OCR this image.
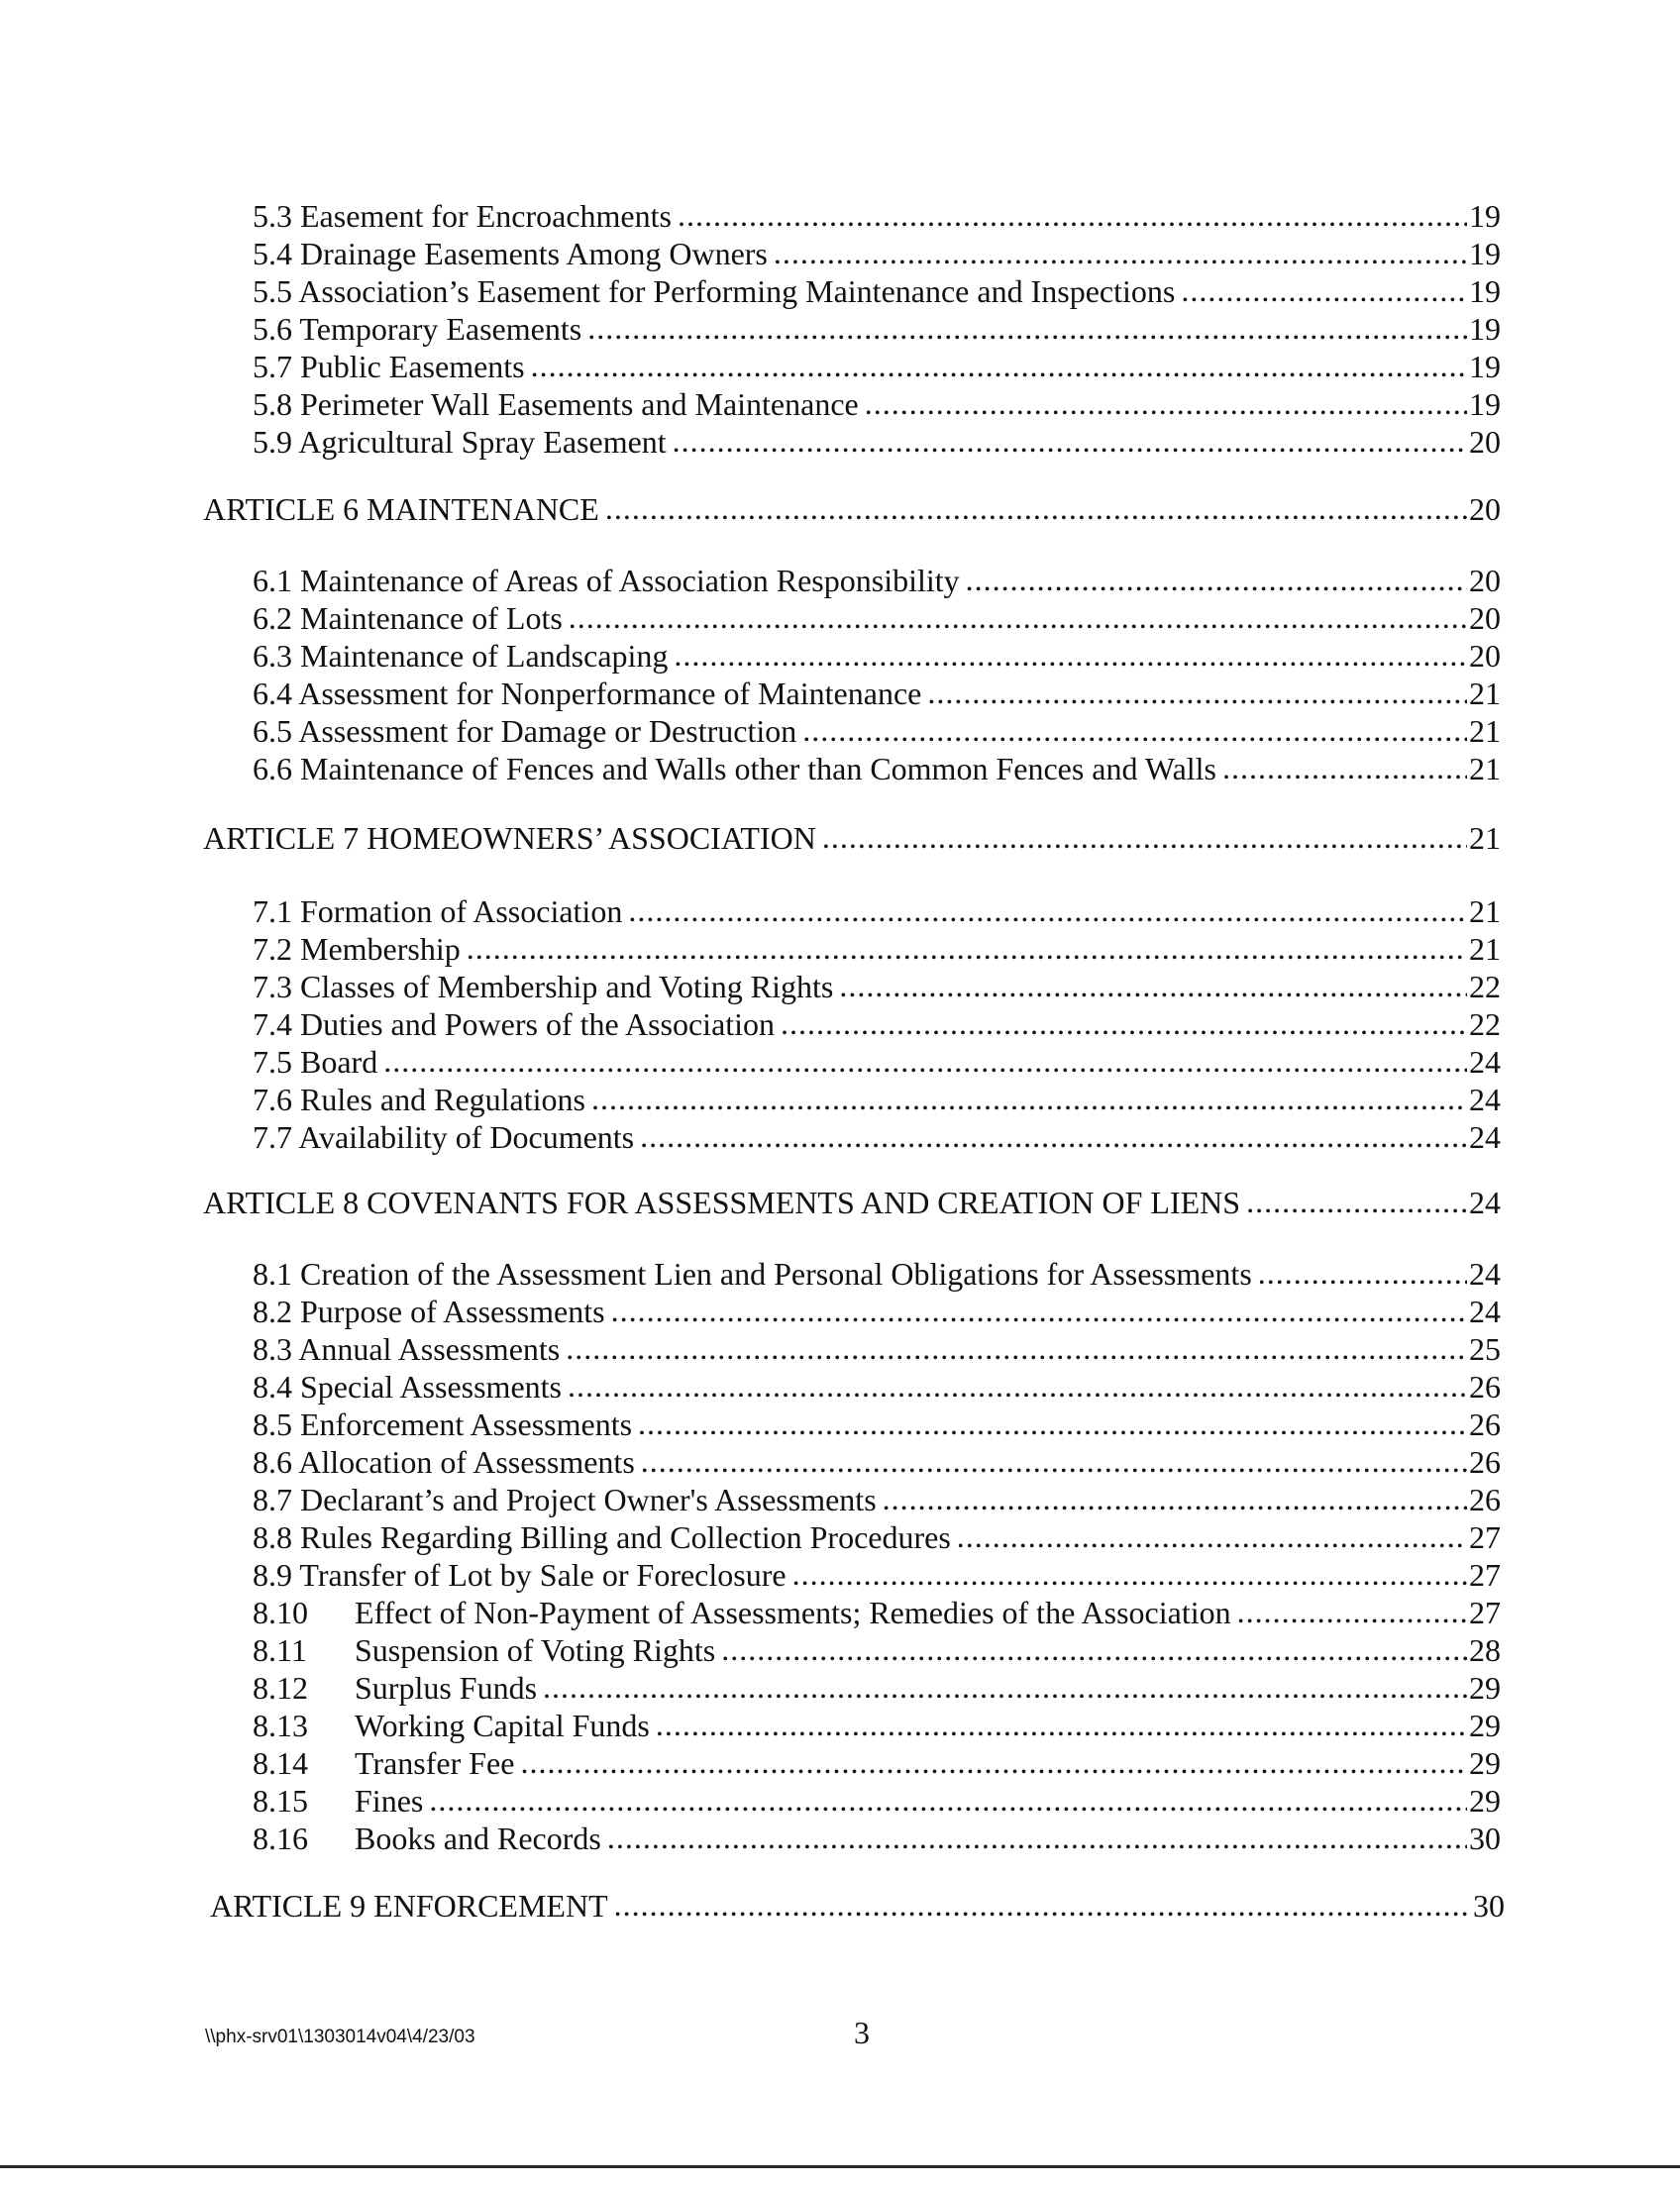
5.3 Easement for Encroachments .....	19
5.4 Drainage Easements Among Owners .....	19
5.5 Association’s Easement for Performing Maintenance and Inspections .....	19
5.6 Temporary Easements .....	19
5.7 Public Easements .....	19
5.8 Perimeter Wall Easements and Maintenance .....	19
5.9 Agricultural Spray Easement .....	20
ARTICLE 6 MAINTENANCE .....	20
6.1 Maintenance of Areas of Association Responsibility .....	20
6.2 Maintenance of Lots .....	20
6.3 Maintenance of Landscaping .....	20
6.4 Assessment for Nonperformance of Maintenance .....	21
6.5 Assessment for Damage or Destruction .....	21
6.6 Maintenance of Fences and Walls other than Common Fences and Walls .....	21
ARTICLE 7 HOMEOWNERS’ ASSOCIATION .....	21
7.1 Formation of Association .....	21
7.2 Membership .....	21
7.3 Classes of Membership and Voting Rights .....	22
7.4 Duties and Powers of the Association .....	22
7.5 Board .....	24
7.6 Rules and Regulations .....	24
7.7 Availability of Documents .....	24
ARTICLE 8 COVENANTS FOR ASSESSMENTS AND CREATION OF LIENS .....	24
8.1 Creation of the Assessment Lien and Personal Obligations for Assessments .....	24
8.2 Purpose of Assessments .....	24
8.3 Annual Assessments .....	25
8.4 Special Assessments .....	26
8.5 Enforcement Assessments .....	26
8.6 Allocation of Assessments .....	26
8.7 Declarant’s and Project Owner's Assessments .....	26
8.8 Rules Regarding Billing and Collection Procedures .....	27
8.9 Transfer of Lot by Sale or Foreclosure .....	27
8.10	Effect of Non-Payment of Assessments; Remedies of the Association .....	27
8.11	Suspension of Voting Rights .....	28
8.12	Surplus Funds .....	29
8.13	Working Capital Funds .....	29
8.14	Transfer Fee .....	29
8.15	Fines .....	29
8.16	Books and Records .....	30
ARTICLE 9 ENFORCEMENT .....	30
\\phx-srv01\1303014v04\4/23/03	3
